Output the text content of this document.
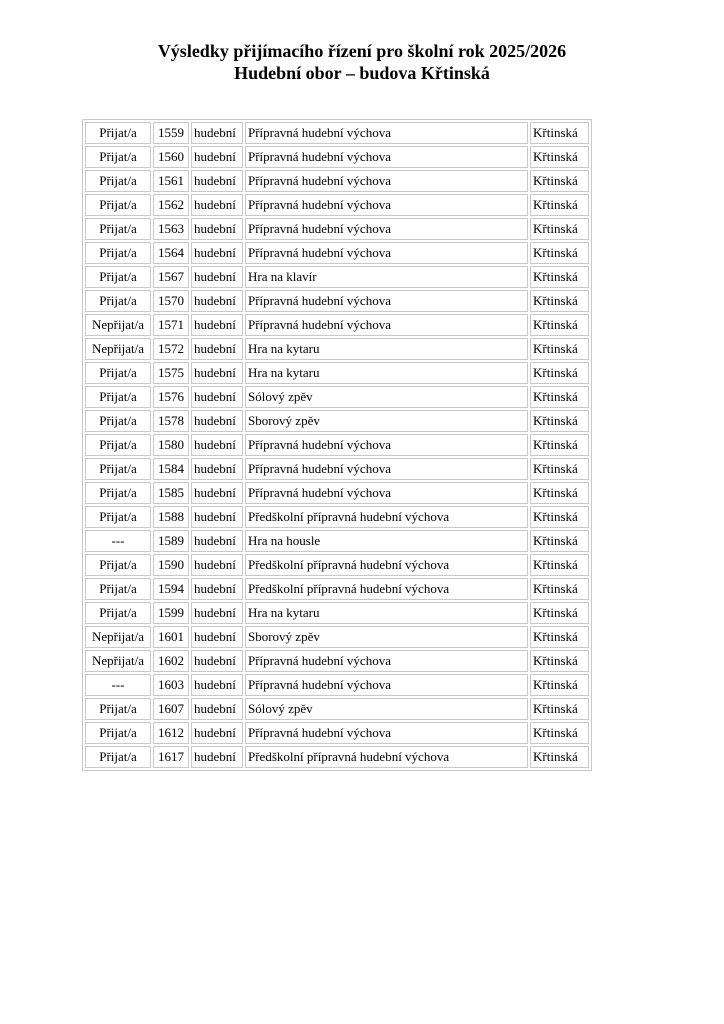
Výsledky přijímacího řízení pro školní rok 2025/2026

Hudební obor – budova Křtinská

Přijat/a	1559	hudební	Přípravná hudební výchova	Křtinská
Přijat/a	1560	hudební	Přípravná hudební výchova	Křtinská
Přijat/a	1561	hudební	Přípravná hudební výchova	Křtinská
Přijat/a	1562	hudební	Přípravná hudební výchova	Křtinská
Přijat/a	1563	hudební	Přípravná hudební výchova	Křtinská
Přijat/a	1564	hudební	Přípravná hudební výchova	Křtinská
Přijat/a	1567	hudební	Hra na klavír	Křtinská
Přijat/a	1570	hudební	Přípravná hudební výchova	Křtinská
Nepřijat/a	1571	hudební	Přípravná hudební výchova	Křtinská
Nepřijat/a	1572	hudební	Hra na kytaru	Křtinská
Přijat/a	1575	hudební	Hra na kytaru	Křtinská
Přijat/a	1576	hudební	Sólový zpěv	Křtinská
Přijat/a	1578	hudební	Sborový zpěv	Křtinská
Přijat/a	1580	hudební	Přípravná hudební výchova	Křtinská
Přijat/a	1584	hudební	Přípravná hudební výchova	Křtinská
Přijat/a	1585	hudební	Přípravná hudební výchova	Křtinská
Přijat/a	1588	hudební	Předškolní přípravná hudební výchova	Křtinská
---	1589	hudební	Hra na housle	Křtinská
Přijat/a	1590	hudební	Předškolní přípravná hudební výchova	Křtinská
Přijat/a	1594	hudební	Předškolní přípravná hudební výchova	Křtinská
Přijat/a	1599	hudební	Hra na kytaru	Křtinská
Nepřijat/a	1601	hudební	Sborový zpěv	Křtinská
Nepřijat/a	1602	hudební	Přípravná hudební výchova	Křtinská
---	1603	hudební	Přípravná hudební výchova	Křtinská
Přijat/a	1607	hudební	Sólový zpěv	Křtinská
Přijat/a	1612	hudební	Přípravná hudební výchova	Křtinská
Přijat/a	1617	hudební	Předškolní přípravná hudební výchova	Křtinská
